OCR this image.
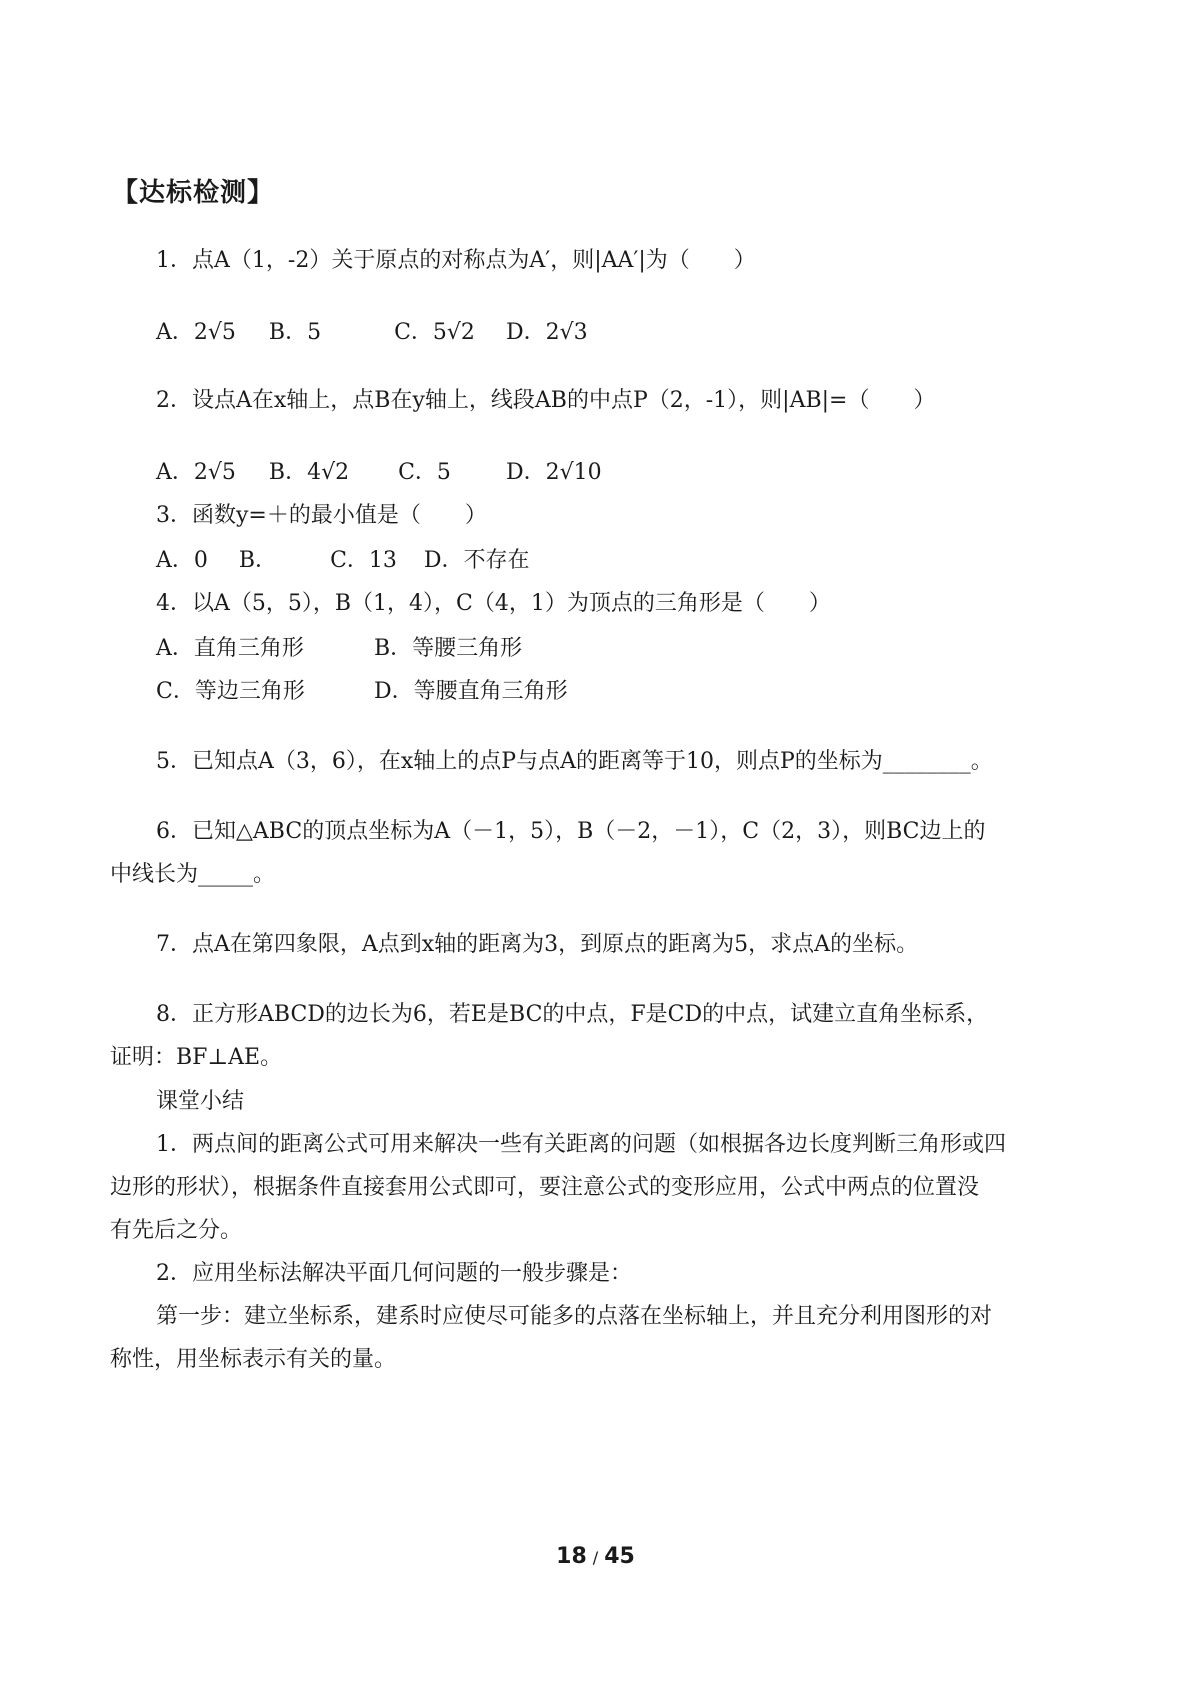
【达标检测】
1．点A（1，-2）关于原点的对称点为A′，则|AA′|为（　　）
A．2√5 B．5	C．5√2 D．2√3
2．设点A在x轴上，点B在y轴上，线段AB的中点P（2，-1），则|AB|=（　　）
A．2√5 B．4√2 C．5	D．2√10
3．函数y=＋的最小值是（　　）
A．0 B． C．13 D．不存在
4．以A（5，5），B（1，4），C（4，1）为顶点的三角形是（　　）
A．直角三角形	B．等腰三角形
C．等边三角形	D．等腰直角三角形
5．已知点A（3，6），在x轴上的点P与点A的距离等于10，则点P的坐标为________。
6．已知△ABC的顶点坐标为A（－1，5），B（－2，－1），C（2，3），则BC边上的
中线长为_____。
7．点A在第四象限，A点到x轴的距离为3，到原点的距离为5，求点A的坐标。
8．正方形ABCD的边长为6，若E是BC的中点，F是CD的中点，试建立直角坐标系，
证明：BF⊥AE。
课堂小结
1．两点间的距离公式可用来解决一些有关距离的问题（如根据各边长度判断三角形或四
边形的形状），根据条件直接套用公式即可，要注意公式的变形应用，公式中两点的位置没
有先后之分。
2．应用坐标法解决平面几何问题的一般步骤是：
第一步：建立坐标系，建系时应使尽可能多的点落在坐标轴上，并且充分利用图形的对
称性，用坐标表示有关的量。
18 / 45
